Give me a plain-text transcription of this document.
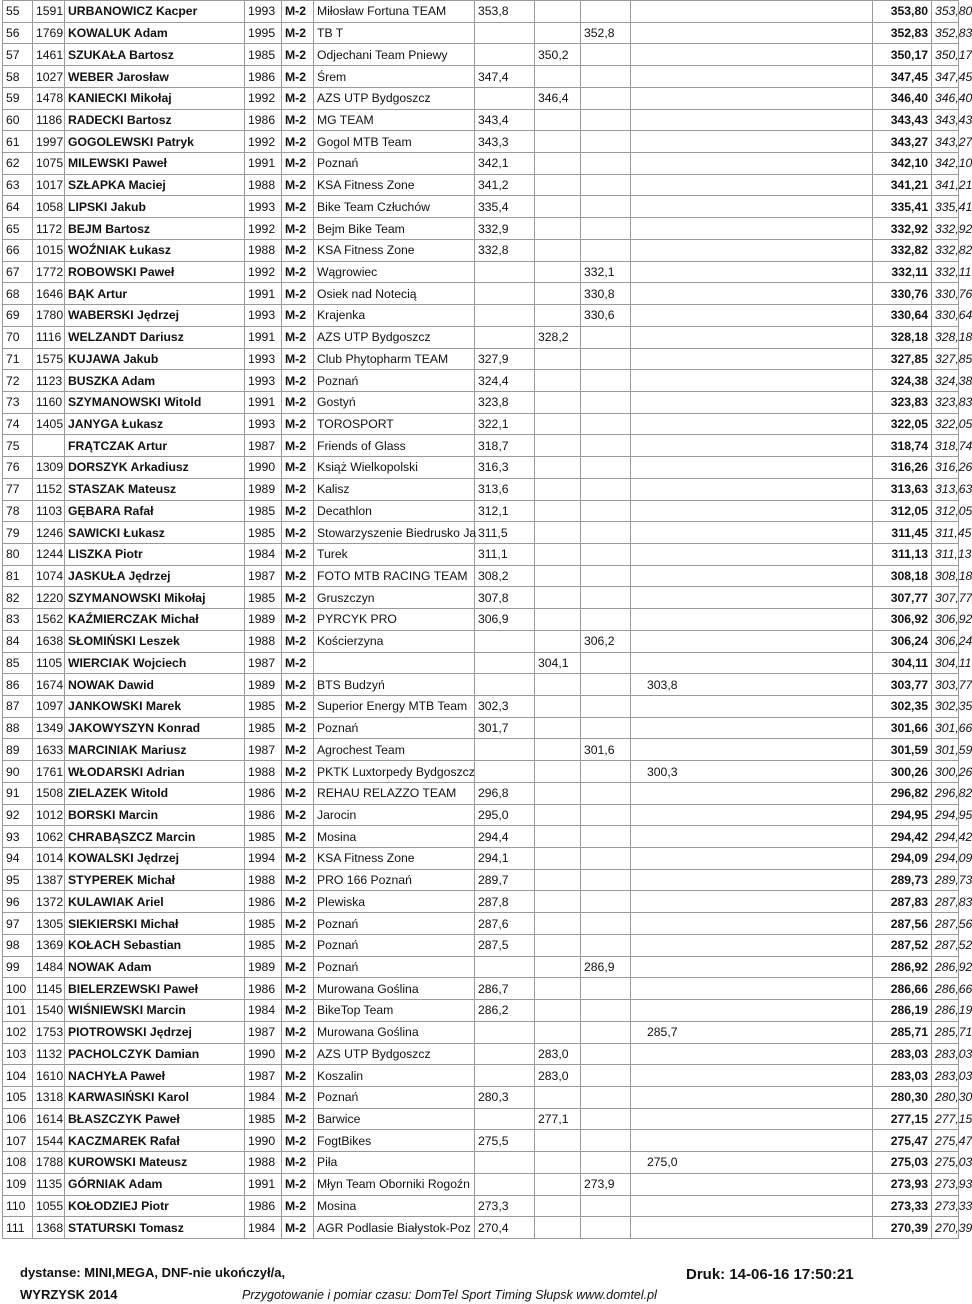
55	1591	URBANOWICZ Kacper	1993	M-2	Miłosław Fortuna TEAM	353,8				353,80	353,80
56	1769	KOWALUK Adam	1995	M-2	TB T			352,8		352,83	352,83
57	1461	SZUKAŁA Bartosz	1985	M-2	Odjechani Team Pniewy		350,2			350,17	350,17
58	1027	WEBER Jarosław	1986	M-2	Śrem	347,4				347,45	347,45
59	1478	KANIECKI Mikołaj	1992	M-2	AZS UTP Bydgoszcz		346,4			346,40	346,40
60	1186	RADECKI Bartosz	1986	M-2	MG TEAM	343,4				343,43	343,43
61	1997	GOGOLEWSKI Patryk	1992	M-2	Gogol MTB Team	343,3				343,27	343,27
62	1075	MILEWSKI Paweł	1991	M-2	Poznań	342,1				342,10	342,10
63	1017	SZŁAPKA Maciej	1988	M-2	KSA Fitness Zone	341,2				341,21	341,21
64	1058	LIPSKI Jakub	1993	M-2	Bike Team Człuchów	335,4				335,41	335,41
65	1172	BEJM Bartosz	1992	M-2	Bejm Bike Team	332,9				332,92	332,92
66	1015	WOŹNIAK Łukasz	1988	M-2	KSA Fitness Zone	332,8				332,82	332,82
67	1772	ROBOWSKI Paweł	1992	M-2	Wągrowiec			332,1		332,11	332,11
68	1646	BĄK Artur	1991	M-2	Osiek nad Notecią			330,8		330,76	330,76
69	1780	WABERSKI Jędrzej	1993	M-2	Krajenka			330,6		330,64	330,64
70	1116	WELZANDT Dariusz	1991	M-2	AZS UTP Bydgoszcz		328,2			328,18	328,18
71	1575	KUJAWA Jakub	1993	M-2	Club Phytopharm TEAM	327,9				327,85	327,85
72	1123	BUSZKA Adam	1993	M-2	Poznań	324,4				324,38	324,38
73	1160	SZYMANOWSKI Witold	1991	M-2	Gostyń	323,8				323,83	323,83
74	1405	JANYGA Łukasz	1993	M-2	TOROSPORT	322,1				322,05	322,05
75		FRĄTCZAK Artur	1987	M-2	Friends of Glass	318,7				318,74	318,74
76	1309	DORSZYK Arkadiusz	1990	M-2	Książ Wielkopolski	316,3				316,26	316,26
77	1152	STASZAK Mateusz	1989	M-2	Kalisz	313,6				313,63	313,63
78	1103	GĘBARA Rafał	1985	M-2	Decathlon	312,1				312,05	312,05
79	1246	SAWICKI Łukasz	1985	M-2	Stowarzyszenie Biedrusko Ja	311,5				311,45	311,45
80	1244	LISZKA Piotr	1984	M-2	Turek	311,1				311,13	311,13
81	1074	JASKUŁA Jędrzej	1987	M-2	FOTO MTB RACING TEAM	308,2				308,18	308,18
82	1220	SZYMANOWSKI Mikołaj	1985	M-2	Gruszczyn	307,8				307,77	307,77
83	1562	KAŹMIERCZAK Michał	1989	M-2	PYRCYK PRO	306,9				306,92	306,92
84	1638	SŁOMIŃSKI Leszek	1988	M-2	Kościerzyna			306,2		306,24	306,24
85	1105	WIERCIAK Wojciech	1987	M-2			304,1			304,11	304,11
86	1674	NOWAK Dawid	1989	M-2	BTS Budzyń				303,8	303,77	303,77
87	1097	JANKOWSKI Marek	1985	M-2	Superior Energy MTB Team	302,3				302,35	302,35
88	1349	JAKOWYSZYN Konrad	1985	M-2	Poznań	301,7				301,66	301,66
89	1633	MARCINIAK Mariusz	1987	M-2	Agrochest Team			301,6		301,59	301,59
90	1761	WŁODARSKI Adrian	1988	M-2	PKTK Luxtorpedy Bydgoszcz				300,3	300,26	300,26
91	1508	ZIELAZEK Witold	1986	M-2	REHAU RELAZZO TEAM	296,8				296,82	296,82
92	1012	BORSKI Marcin	1986	M-2	Jarocin	295,0				294,95	294,95
93	1062	CHRABĄSZCZ Marcin	1985	M-2	Mosina	294,4				294,42	294,42
94	1014	KOWALSKI Jędrzej	1994	M-2	KSA Fitness Zone	294,1				294,09	294,09
95	1387	STYPEREK Michał	1988	M-2	PRO 166 Poznań	289,7				289,73	289,73
96	1372	KULAWIAK Ariel	1986	M-2	Plewiska	287,8				287,83	287,83
97	1305	SIEKIERSKI Michał	1985	M-2	Poznań	287,6				287,56	287,56
98	1369	KOŁACH Sebastian	1985	M-2	Poznań	287,5				287,52	287,52
99	1484	NOWAK Adam	1989	M-2	Poznań			286,9		286,92	286,92
100	1145	BIELERZEWSKI Paweł	1986	M-2	Murowana Goślina	286,7				286,66	286,66
101	1540	WIŚNIEWSKI Marcin	1984	M-2	BikeTop Team	286,2				286,19	286,19
102	1753	PIOTROWSKI Jędrzej	1987	M-2	Murowana Goślina				285,7	285,71	285,71
103	1132	PACHOLCZYK Damian	1990	M-2	AZS UTP Bydgoszcz		283,0			283,03	283,03
104	1610	NACHYŁA Paweł	1987	M-2	Koszalin		283,0			283,03	283,03
105	1318	KARWASIŃSKI Karol	1984	M-2	Poznań	280,3				280,30	280,30
106	1614	BŁASZCZYK Paweł	1985	M-2	Barwice		277,1			277,15	277,15
107	1544	KACZMAREK Rafał	1990	M-2	FogtBikes	275,5				275,47	275,47
108	1788	KUROWSKI Mateusz	1988	M-2	Piła				275,0	275,03	275,03
109	1135	GÓRNIAK Adam	1991	M-2	Młyn Team Oborniki Rogoźn			273,9		273,93	273,93
110	1055	KOŁODZIEJ Piotr	1986	M-2	Mosina	273,3				273,33	273,33
111	1368	STATURSKI Tomasz	1984	M-2	AGR Podlasie Białystok-Poz	270,4				270,39	270,39
dystanse: MINI,MEGA, DNF-nie ukończył/a,
WYRZYSK 2014	Przygotowanie i pomiar czasu: DomTel Sport Timing Słupsk www.domtel.pl
Druk: 14-06-16 17:50:21
